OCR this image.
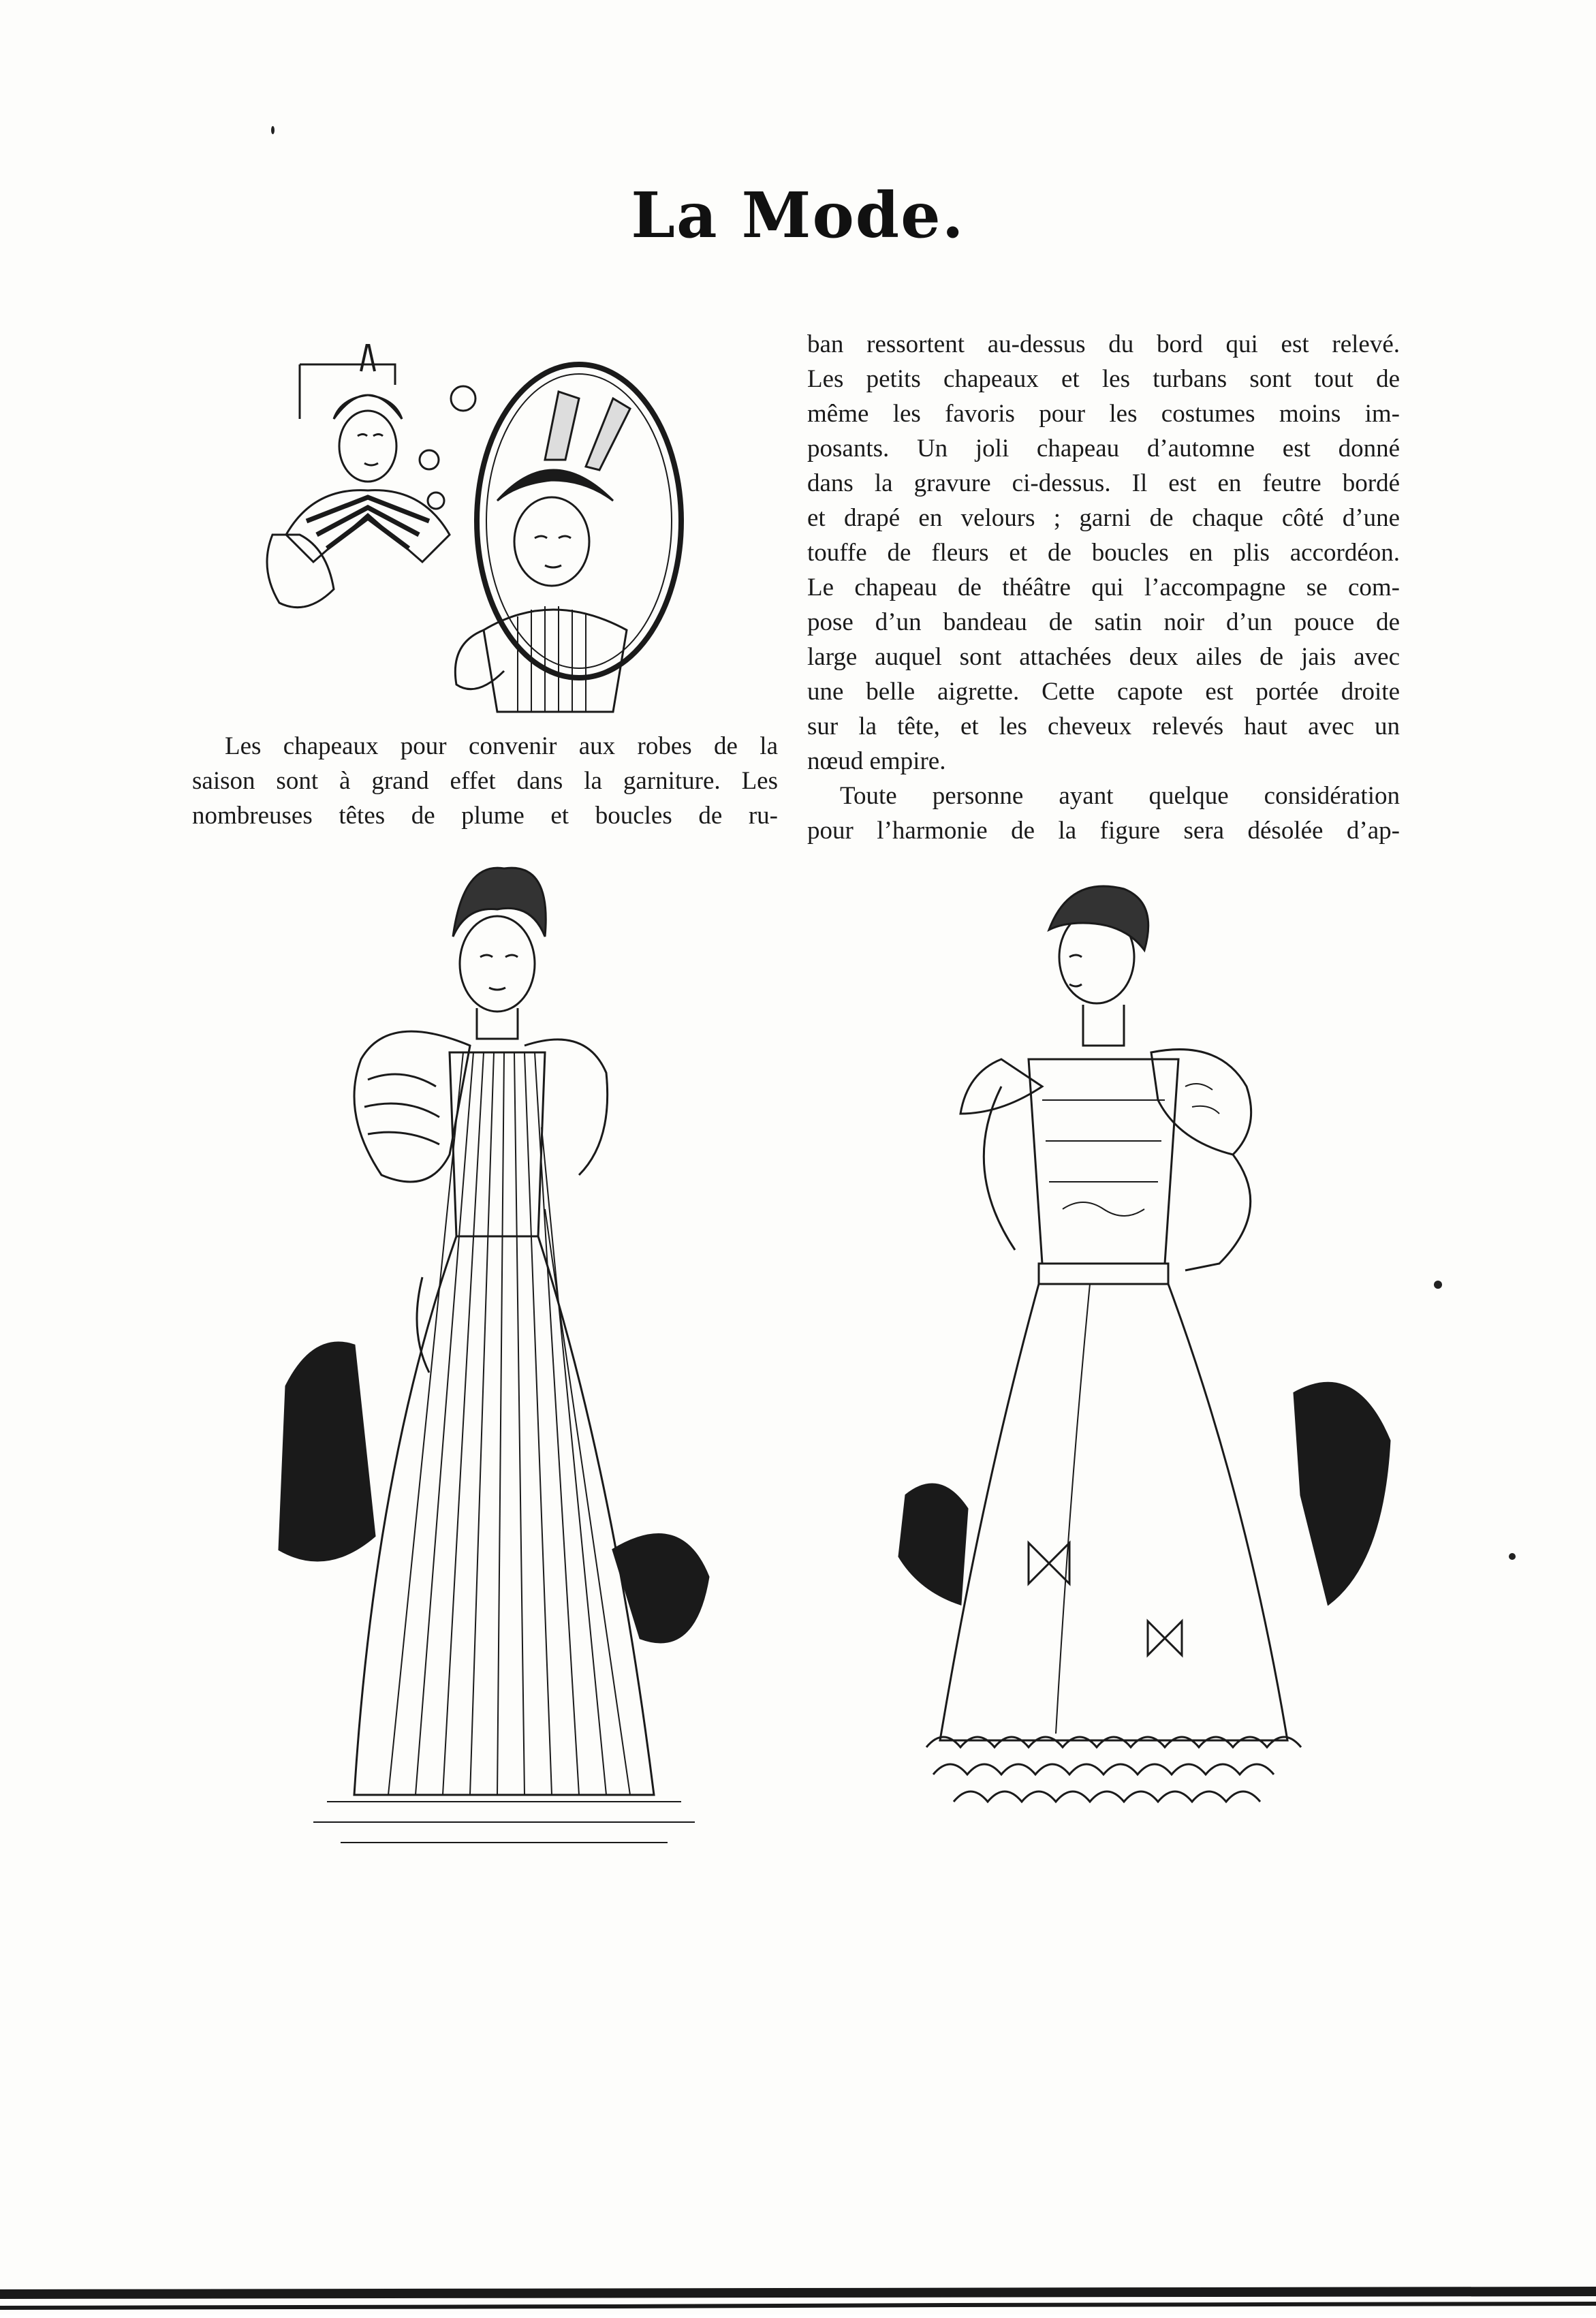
La Mode.

Les chapeaux pour convenir aux robes de la

saison sont à grand effet dans la garniture. Les

nombreuses têtes de plume et boucles de ru-

ban ressortent au-dessus du bord qui est relevé.

Les petits chapeaux et les turbans sont tout de

même les favoris pour les costumes moins im-

posants. Un joli chapeau d’automne est donné

dans la gravure ci-dessus. Il est en feutre bordé

et drapé en velours ; garni de chaque côté d’une

touffe de fleurs et de boucles en plis accordéon.

Le chapeau de théâtre qui l’accompagne se com-

pose d’un bandeau de satin noir d’un pouce de

large auquel sont attachées deux ailes de jais avec

une belle aigrette. Cette capote est portée droite

sur la tête, et les cheveux relevés haut avec un

nœud empire.

Toute personne ayant quelque considération

pour l’harmonie de la figure sera désolée d’ap-
